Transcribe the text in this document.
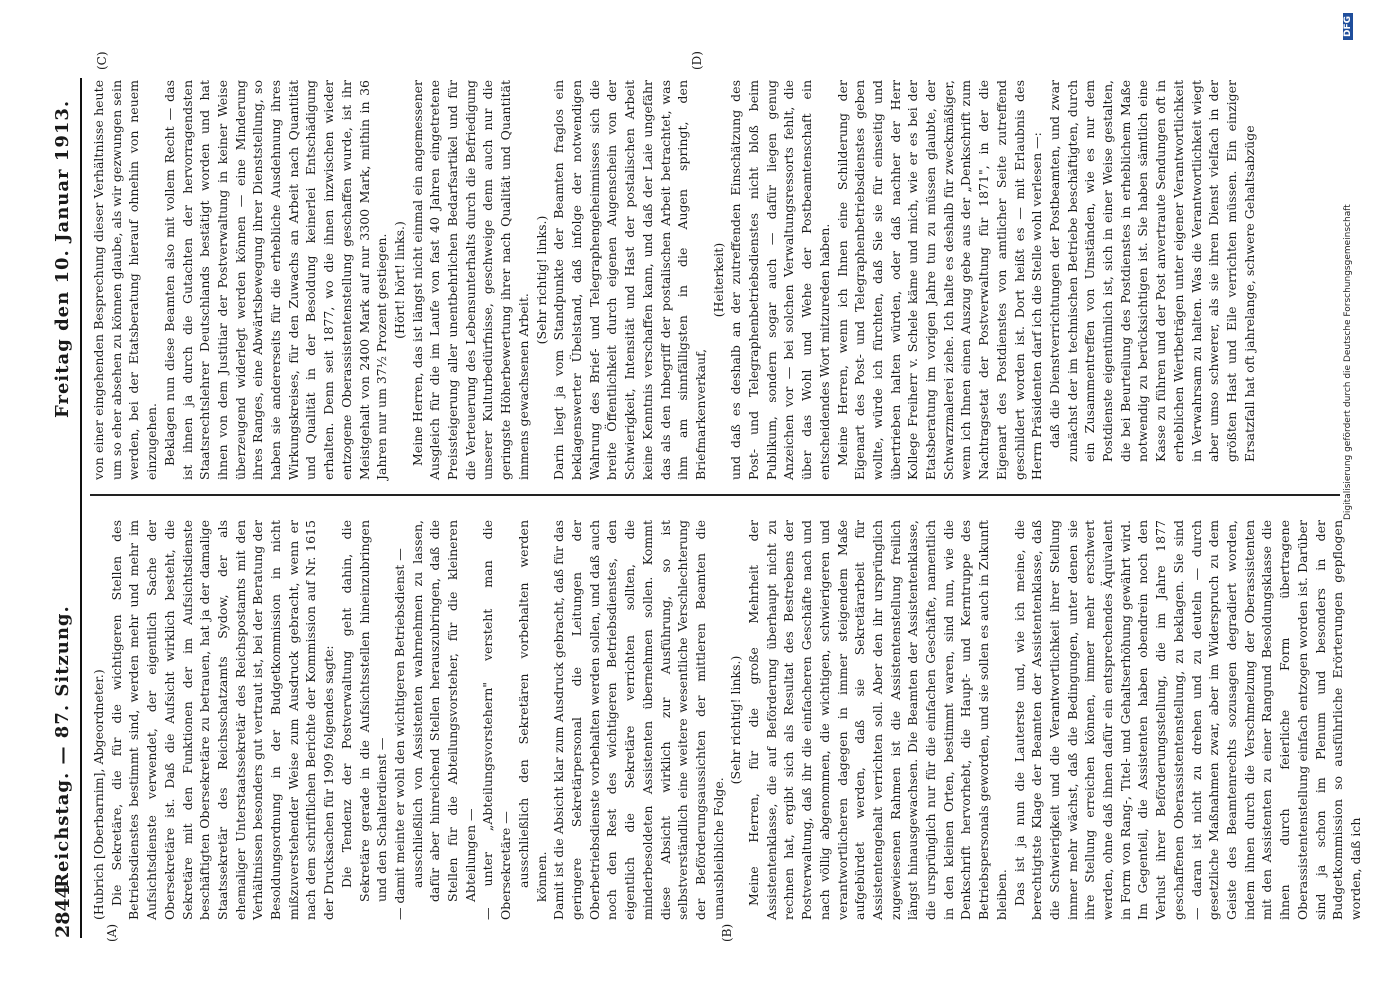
2844
Reichstag. — 87. Sitzung.
Freitag den 10. Januar 1913.
(A)	(B)
(C)	(D)

(Hubrich [Oberbarnim], Abgeordneter.) Die Sekretäre, die für die wichtigeren Stellen des Betriebsdienstes bestimmt sind, werden mehr und mehr im Aufsichtsdienste verwendet, der eigentlich Sache der Obersekretäre ist. Daß die Aufsicht wirklich besteht, die Sekretäre mit den Funktionen der im Aufsichtsdienste beschäftigten Obersekretäre zu betrauen, hat ja der damalige Staatssekretär des Reichsschatzamts Sydow, der als ehemaliger Unterstaatssekretär des Reichspostamts mit den Verhältnissen besonders gut vertraut ist, bei der Beratung der Besoldungsordnung in der Budgetkommission in nicht mißzuverstehender Weise zum Ausdruck gebracht, wenn er nach dem schriftlichen Berichte der Kommission auf Nr. 1615 der Drucksachen für 1909 folgendes sagte: Die Tendenz der Postverwaltung geht dahin, die Sekretäre gerade in die Aufsichtsstellen hineinzubringen und den Schalterdienst — — damit meinte er wohl den wichtigeren Betriebsdienst — ausschließlich von Assistenten wahrnehmen zu lassen, dafür aber hinreichend Stellen herauszubringen, daß die Stellen für die Abteilungsvorsteher, für die kleineren Abteilungen — — unter „Abteilungsvorstehern" versteht man die Obersekretäre — ausschließlich den Sekretären vorbehalten werden können. Damit ist die Absicht klar zum Ausdruck gebracht, daß für das geringere Sekretärpersonal die Leitungen der Oberbetriebsdienste vorbehalten werden sollen, und daß auch noch den Rest des wichtigeren Betriebsdienstes, den eigentlich die Sekretäre verrichten sollten, die minderbesoldeten Assistenten übernehmen sollen. Kommt diese Absicht wirklich zur Ausführung, so ist selbstverständlich eine weitere wesentliche Verschlechterung der Beförderungsaussichten der mittleren Beamten die unausbleibliche Folge.

(Sehr richtig! links.) Meine Herren, für die große Mehrheit der Assistentenklasse, die auf Beförderung überhaupt nicht zu rechnen hat, ergibt sich als Resultat des Bestrebens der Postverwaltung, daß ihr die einfacheren Geschäfte nach und nach völlig abgenommen, die wichtigen, schwierigeren und verantwortlicheren dagegen in immer steigendem Maße aufgebürdet werden, daß sie Sekretärarbeit für Assistentengehalt verrichten soll. Aber den ihr ursprünglich zugewiesenen Rahmen ist die Assistentenstellung freilich längst hinausgewachsen. Die Beamten der Assistentenklasse, die ursprünglich nur für die einfachen Geschäfte, namentlich in den kleinen Orten, bestimmt waren, sind nun, wie die Denkschrift hervorhebt, die Haupt- und Kerntruppe des Betriebspersonals geworden, und sie sollen es auch in Zukunft bleiben. Das ist ja nun die Lauterste und, wie ich meine, die berechtigtste Klage der Beamten der Assistentenklasse, daß die Schwierigkeit und die Verantwortlichkeit ihrer Stellung immer mehr wächst, daß die Bedingungen, unter denen sie ihre Stellung erreichen können, immer mehr erschwert werden, ohne daß ihnen dafür ein entsprechendes Äquivalent in Form von Rang-, Titel- und Gehaltserhöhung gewährt wird. Im Gegenteil, die Assistenten haben obendrein noch den Verlust ihrer Beförderungsstellung, die im Jahre 1877 geschaffenen Oberassistentenstellung, zu beklagen. Sie sind — daran ist nicht zu drehen und zu deuteln — durch gesetzliche Maßnahmen zwar, aber im Widerspruch zu dem Geiste des Beamtenrechts sozusagen degradiert worden, indem ihnen durch die Verschmelzung der Oberassistenten mit den Assistenten zu einer Rangund Besoldungsklasse die ihnen durch feierliche Form übertragene Oberassistentenstellung einfach entzogen worden ist. Darüber sind ja schon im Plenum und besonders in der Budgetkommission so ausführliche Erörterungen gepflogen worden, daß ich

von einer eingehenden Besprechung dieser Verhältnisse heute um so eher absehen zu können glaube, als wir gezwungen sein werden, bei der Etatsberatung hierauf ohnehin von neuem einzugehen. Beklagen nun diese Beamten also mit vollem Recht — das ist ihnen ja durch die Gutachten der hervorragendsten Staatsrechtslehrer Deutschlands bestätigt worden und hat ihnen von dem Justitiar der Postverwaltung in keiner Weise überzeugend widerlegt werden können — eine Minderung ihres Ranges, eine Abwärtsbewegung ihrer Dienststellung, so haben sie andererseits für die erhebliche Ausdehnung ihres Wirkungskreises, für den Zuwachs an Arbeit nach Quantität und Qualität in der Besoldung keinerlei Entschädigung erhalten. Denn seit 1877, wo die ihnen inzwischen wieder entzogene Oberassistentenstellung geschaffen wurde, ist ihr Meistgehalt von 2400 Mark auf nur 3300 Mark, mithin in 36 Jahren nur um 37½ Prozent gestiegen. (Hört! hört! links.) Meine Herren, das ist längst nicht einmal ein angemessener Ausgleich für die im Laufe von fast 40 Jahren eingetretene Preissteigerung aller unentbehrlichen Bedarfsartikel und für die Verteuerung des Lebensunterhalts durch die Befriedigung unserer Kulturbedürfnisse, geschweige denn auch nur die geringste Höherbewertung ihrer nach Qualität und Quantität immens gewachsenen Arbeit.

(Sehr richtig! links.) Darin liegt ja vom Standpunkte der Beamten fraglos ein beklagenswerter Übelstand, daß infolge der notwendigen Wahrung des Brief- und Telegraphengeheimnisses sich die breite Öffentlichkeit durch eigenen Augenschein von der Schwierigkeit, Intensität und Hast der postalischen Arbeit keine Kenntnis verschaffen kann, und daß der Laie ungefähr das als den Inbegriff der postalischen Arbeit betrachtet, was ihm am sinnfälligsten in die Augen springt, den Briefmarkenverkauf,

(Heiterkeit) und daß es deshalb an der zutreffenden Einschätzung des Post- und Telegraphenbetriebsdienstes nicht bloß beim Publikum, sondern sogar auch — dafür liegen genug Anzeichen vor — bei solchen Verwaltungsressorts fehlt, die über das Wohl und Wehe der Postbeamtenschaft ein entscheidendes Wort mitzureden haben. Meine Herren, wenn ich Ihnen eine Schilderung der Eigenart des Post- und Telegraphenbetriebsdienstes geben wollte, würde ich fürchten, daß Sie sie für einseitig und übertrieben halten würden, oder daß nachher der Herr Kollege Freiherr v. Schele käme und mich, wie er es bei der Etatsberatung im vorigen Jahre tun zu müssen glaubte, der Schwarzmalerei ziehe. Ich halte es deshalb für zweckmäßiger, wenn ich Ihnen einen Auszug gebe aus der „Denkschrift zum Nachtragsetat der Postverwaltung für 1871", in der die Eigenart des Postdienstes von amtlicher Seite zutreffend geschildert worden ist. Dort heißt es — mit Erlaubnis des Herrn Präsidenten darf ich die Stelle wohl verlesen —: daß die Dienstverrichtungen der Postbeamten, und zwar zunächst der im technischen Betriebe beschäftigten, durch ein Zusammentreffen von Umständen, wie es nur dem Postdienste eigentümlich ist, sich in einer Weise gestalten, die bei Beurteilung des Postdienstes in erheblichem Maße notwendig zu berücksichtigen ist. Sie haben sämtlich eine Kasse zu führen und der Post anvertraute Sendungen oft in erheblichen Wertbeträgen unter eigener Verantwortlichkeit in Verwahrsam zu halten. Was die Verantwortlichkeit wiegt aber umso schwerer, als sie ihren Dienst vielfach in der größten Hast und Eile verrichten müssen. Ein einziger Ersatzfall hat oft jahrelange, schwere Gehaltsabzüge	Digitalisierung gefördert durch die Deutsche Forschungsgemeinschaft
DFG
